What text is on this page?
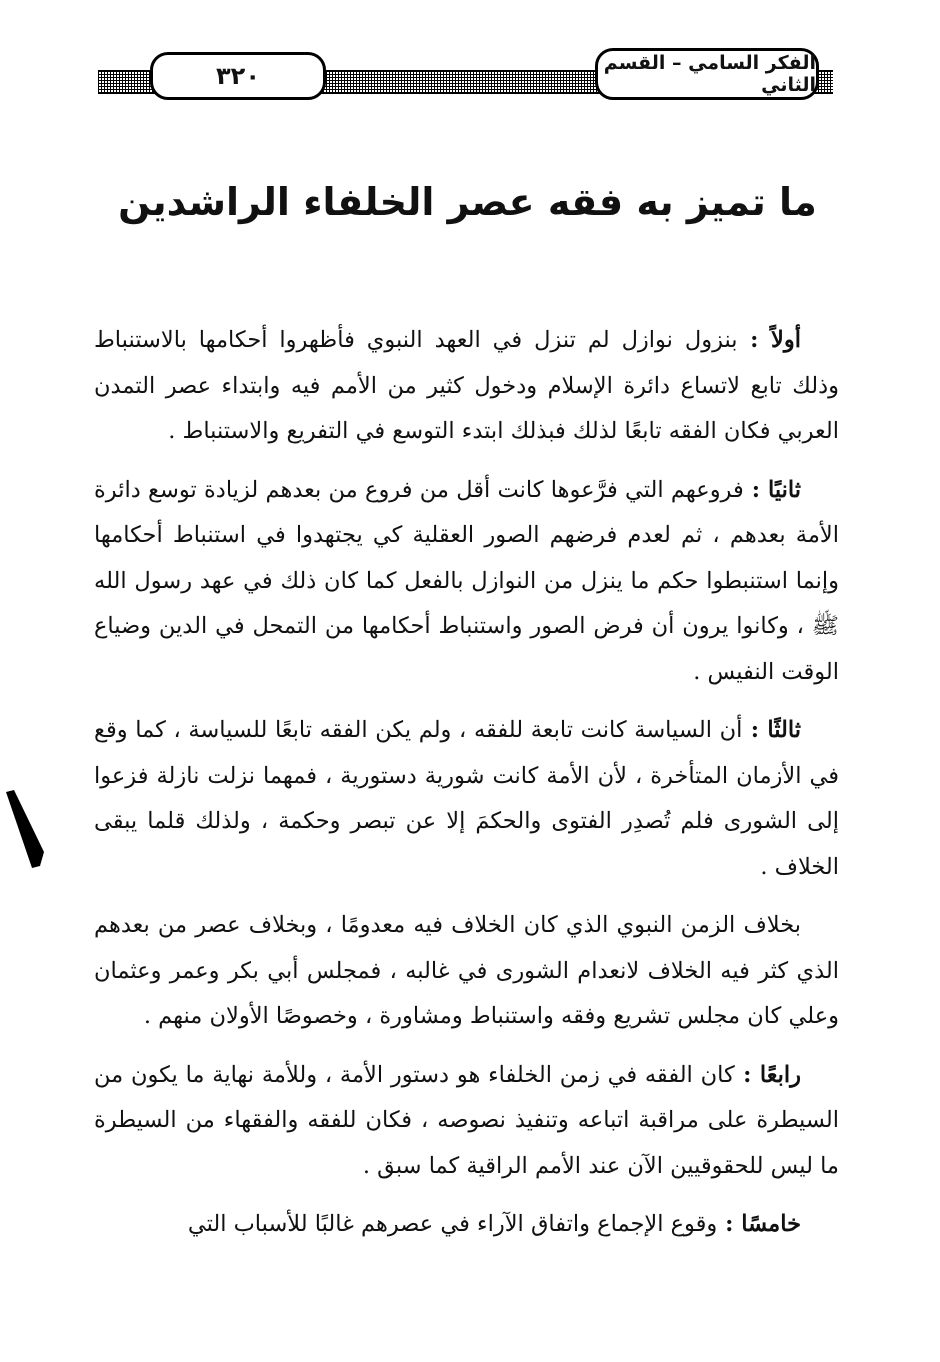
٣٢٠	الفكر السامي – القسم الثاني
ما تميز به فقه عصر الخلفاء الراشدين

أولاً : بنزول نوازل لم تنزل في العهد النبوي فأظهروا أحكامها بالاستنباط وذلك تابع لاتساع دائرة الإسلام ودخول كثير من الأمم فيه وابتداء عصر التمدن العربي فكان الفقه تابعًا لذلك فبذلك ابتدء التوسع في التفريع والاستنباط .

ثانيًا : فروعهم التي فرَّعوها كانت أقل من فروع من بعدهم لزيادة توسع دائرة الأمة بعدهم ، ثم لعدم فرضهم الصور العقلية كي يجتهدوا في استنباط أحكامها وإنما استنبطوا حكم ما ينزل من النوازل بالفعل كما كان ذلك في عهد رسول الله ﷺ ، وكانوا يرون أن فرض الصور واستنباط أحكامها من التمحل في الدين وضياع الوقت النفيس .

ثالثًا : أن السياسة كانت تابعة للفقه ، ولم يكن الفقه تابعًا للسياسة ، كما وقع في الأزمان المتأخرة ، لأن الأمة كانت شورية دستورية ، فمهما نزلت نازلة فزعوا إلى الشورى فلم تُصدِر الفتوى والحكمَ إلا عن تبصر وحكمة ، ولذلك قلما يبقى الخلاف .

بخلاف الزمن النبوي الذي كان الخلاف فيه معدومًا ، وبخلاف عصر من بعدهم الذي كثر فيه الخلاف لانعدام الشورى في غالبه ، فمجلس أبي بكر وعمر وعثمان وعلي كان مجلس تشريع وفقه واستنباط ومشاورة ، وخصوصًا الأولان منهم .

رابعًا : كان الفقه في زمن الخلفاء هو دستور الأمة ، وللأمة نهاية ما يكون من السيطرة على مراقبة اتباعه وتنفيذ نصوصه ، فكان للفقه والفقهاء من السيطرة ما ليس للحقوقيين الآن عند الأمم الراقية كما سبق .

خامسًا : وقوع الإجماع واتفاق الآراء في عصرهم غالبًا للأسباب التي
